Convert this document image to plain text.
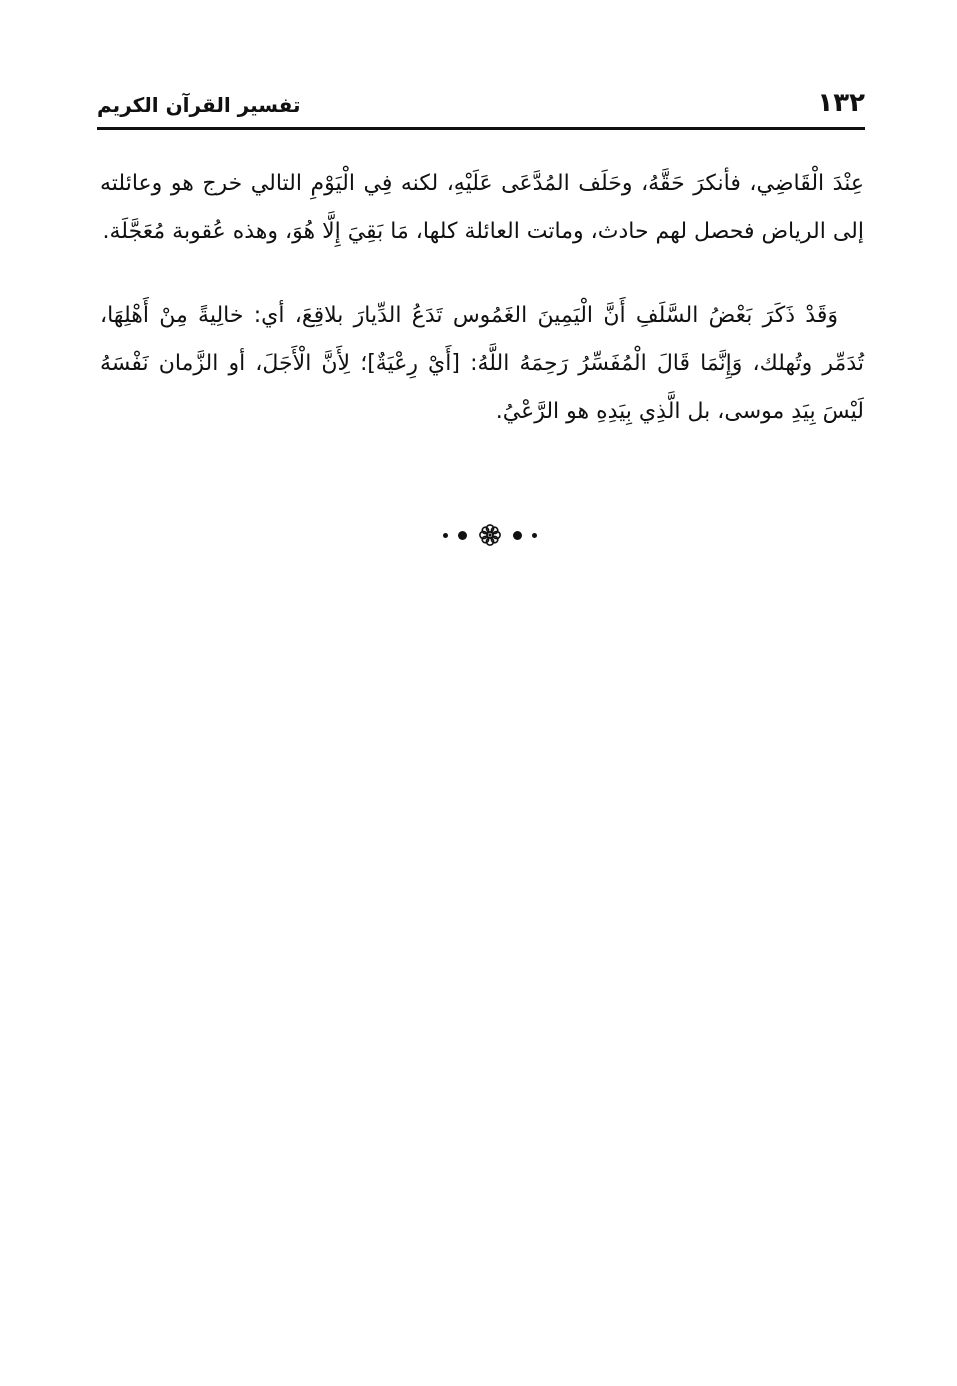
١٣٢
تفسير القرآن الكريم

عِنْدَ الْقَاضِي، فأنكرَ حَقَّهُ، وحَلَف المُدَّعَى عَلَيْهِ، لكنه فِي الْيَوْمِ التالي خرج هو وعائلته إلى الرياض فحصل لهم حادث، وماتت العائلة كلها، مَا بَقِيَ إِلَّا هُوَ، وهذه عُقوبة مُعَجَّلَة.

وَقَدْ ذَكَرَ بَعْضُ السَّلَفِ أَنَّ الْيَمِينَ الغَمُوس تَدَعُ الدِّيارَ بلاقِعَ، أي: خالِيةً مِنْ أَهْلِهَا، تُدَمِّر وتُهلك، وَإِنَّمَا قَالَ الْمُفَسِّرُ رَحِمَهُ اللَّهُ: [أَيْ رِعْيَةٌ]؛ لِأَنَّ الْأَجَلَ، أو الزَّمان نَفْسَهُ لَيْسَ بِيَدِ موسى، بل الَّذِي بِيَدِهِ هو الرَّعْيُ.
